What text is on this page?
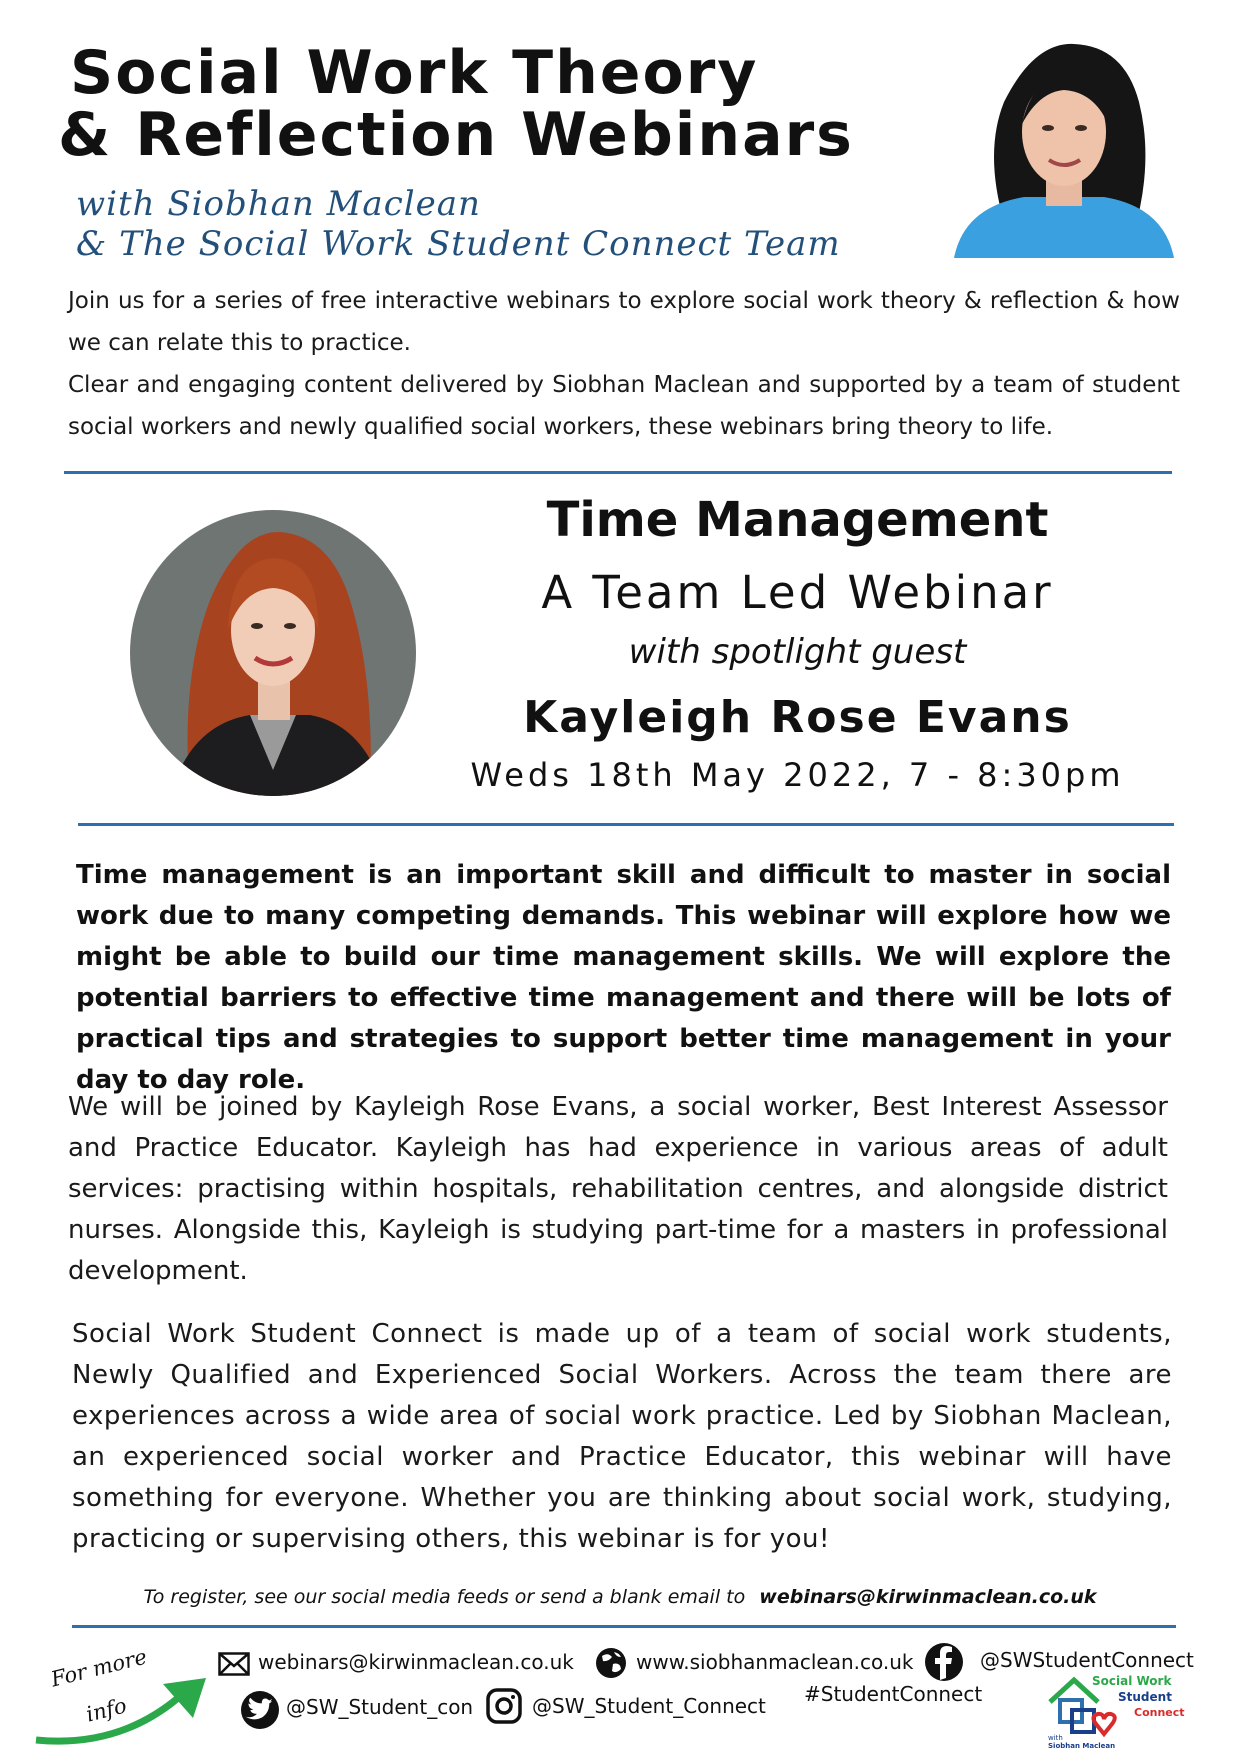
Social Work Theory
& Reflection Webinars
with Siobhan Maclean
& The Social Work Student Connect Team

Join us for a series of free interactive webinars to explore social work theory & reflection & how we can relate this to practice.

Clear and engaging content delivered by Siobhan Maclean and supported by a team of student social workers and newly qualified social workers, these webinars bring theory to life.

Time Management
A Team Led Webinar
with spotlight guest
Kayleigh Rose Evans
Weds 18th May 2022, 7 - 8:30pm
Time management is an important skill and difficult to master in social work due to many competing demands. This webinar will explore how we might be able to build our time management skills. We will explore the potential barriers to effective time management and there will be lots of practical tips and strategies to support better time management in your day to day role.
We will be joined by Kayleigh Rose Evans, a social worker, Best Interest Assessor and Practice Educator. Kayleigh has had experience in various areas of adult services: practising within hospitals, rehabilitation centres, and alongside district nurses. Alongside this, Kayleigh is studying part-time for a masters in professional development.
Social Work Student Connect is made up of a team of social work students, Newly Qualified and Experienced Social Workers. Across the team there are experiences across a wide area of social work practice. Led by Siobhan Maclean, an experienced social worker and Practice Educator, this webinar will have something for everyone. Whether you are thinking about social work, studying, practicing or supervising others, this webinar is for you!
To register, see our social media feeds or send a blank email to webinars@kirwinmaclean.co.uk
For more
info
webinars@kirwinmaclean.co.uk	www.siobhanmaclean.co.uk	@SWStudentConnect
@SW_Student_con	@SW_Student_Connect #StudentConnect
Social Work
Student
Connect
with
Siobhan Maclean
